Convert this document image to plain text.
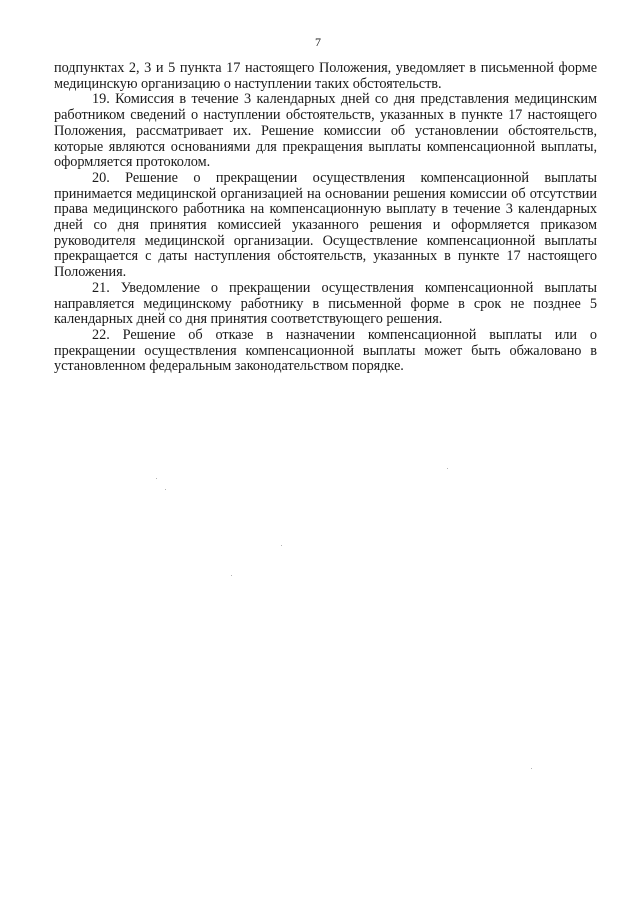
7

подпунктах 2, 3 и 5 пункта 17 настоящего Положения, уведомляет в письменной форме медицинскую организацию о наступлении таких обстоятельств.

19. Комиссия в течение 3 календарных дней со дня представления медицинским работником сведений о наступлении обстоятельств, указанных в пункте 17 настоящего Положения, рассматривает их. Решение комиссии об установлении обстоятельств, которые являются основаниями для прекращения выплаты компенсационной выплаты, оформляется протоколом.

20. Решение о прекращении осуществления компенсационной выплаты принимается медицинской организацией на основании решения комиссии об отсутствии права медицинского работника на компенсационную выплату в течение 3 календарных дней со дня принятия комиссией указанного решения и оформляется приказом руководителя медицинской организации. Осуществление компенсационной выплаты прекращается с даты наступления обстоятельств, указанных в пункте 17 настоящего Положения.

21. Уведомление о прекращении осуществления компенсационной выплаты направляется медицинскому работнику в письменной форме в срок не позднее 5 календарных дней со дня принятия соответствующего решения.

22. Решение об отказе в назначении компенсационной выплаты или о прекращении осуществления компенсационной выплаты может быть обжаловано в установленном федеральным законодательством порядке.
